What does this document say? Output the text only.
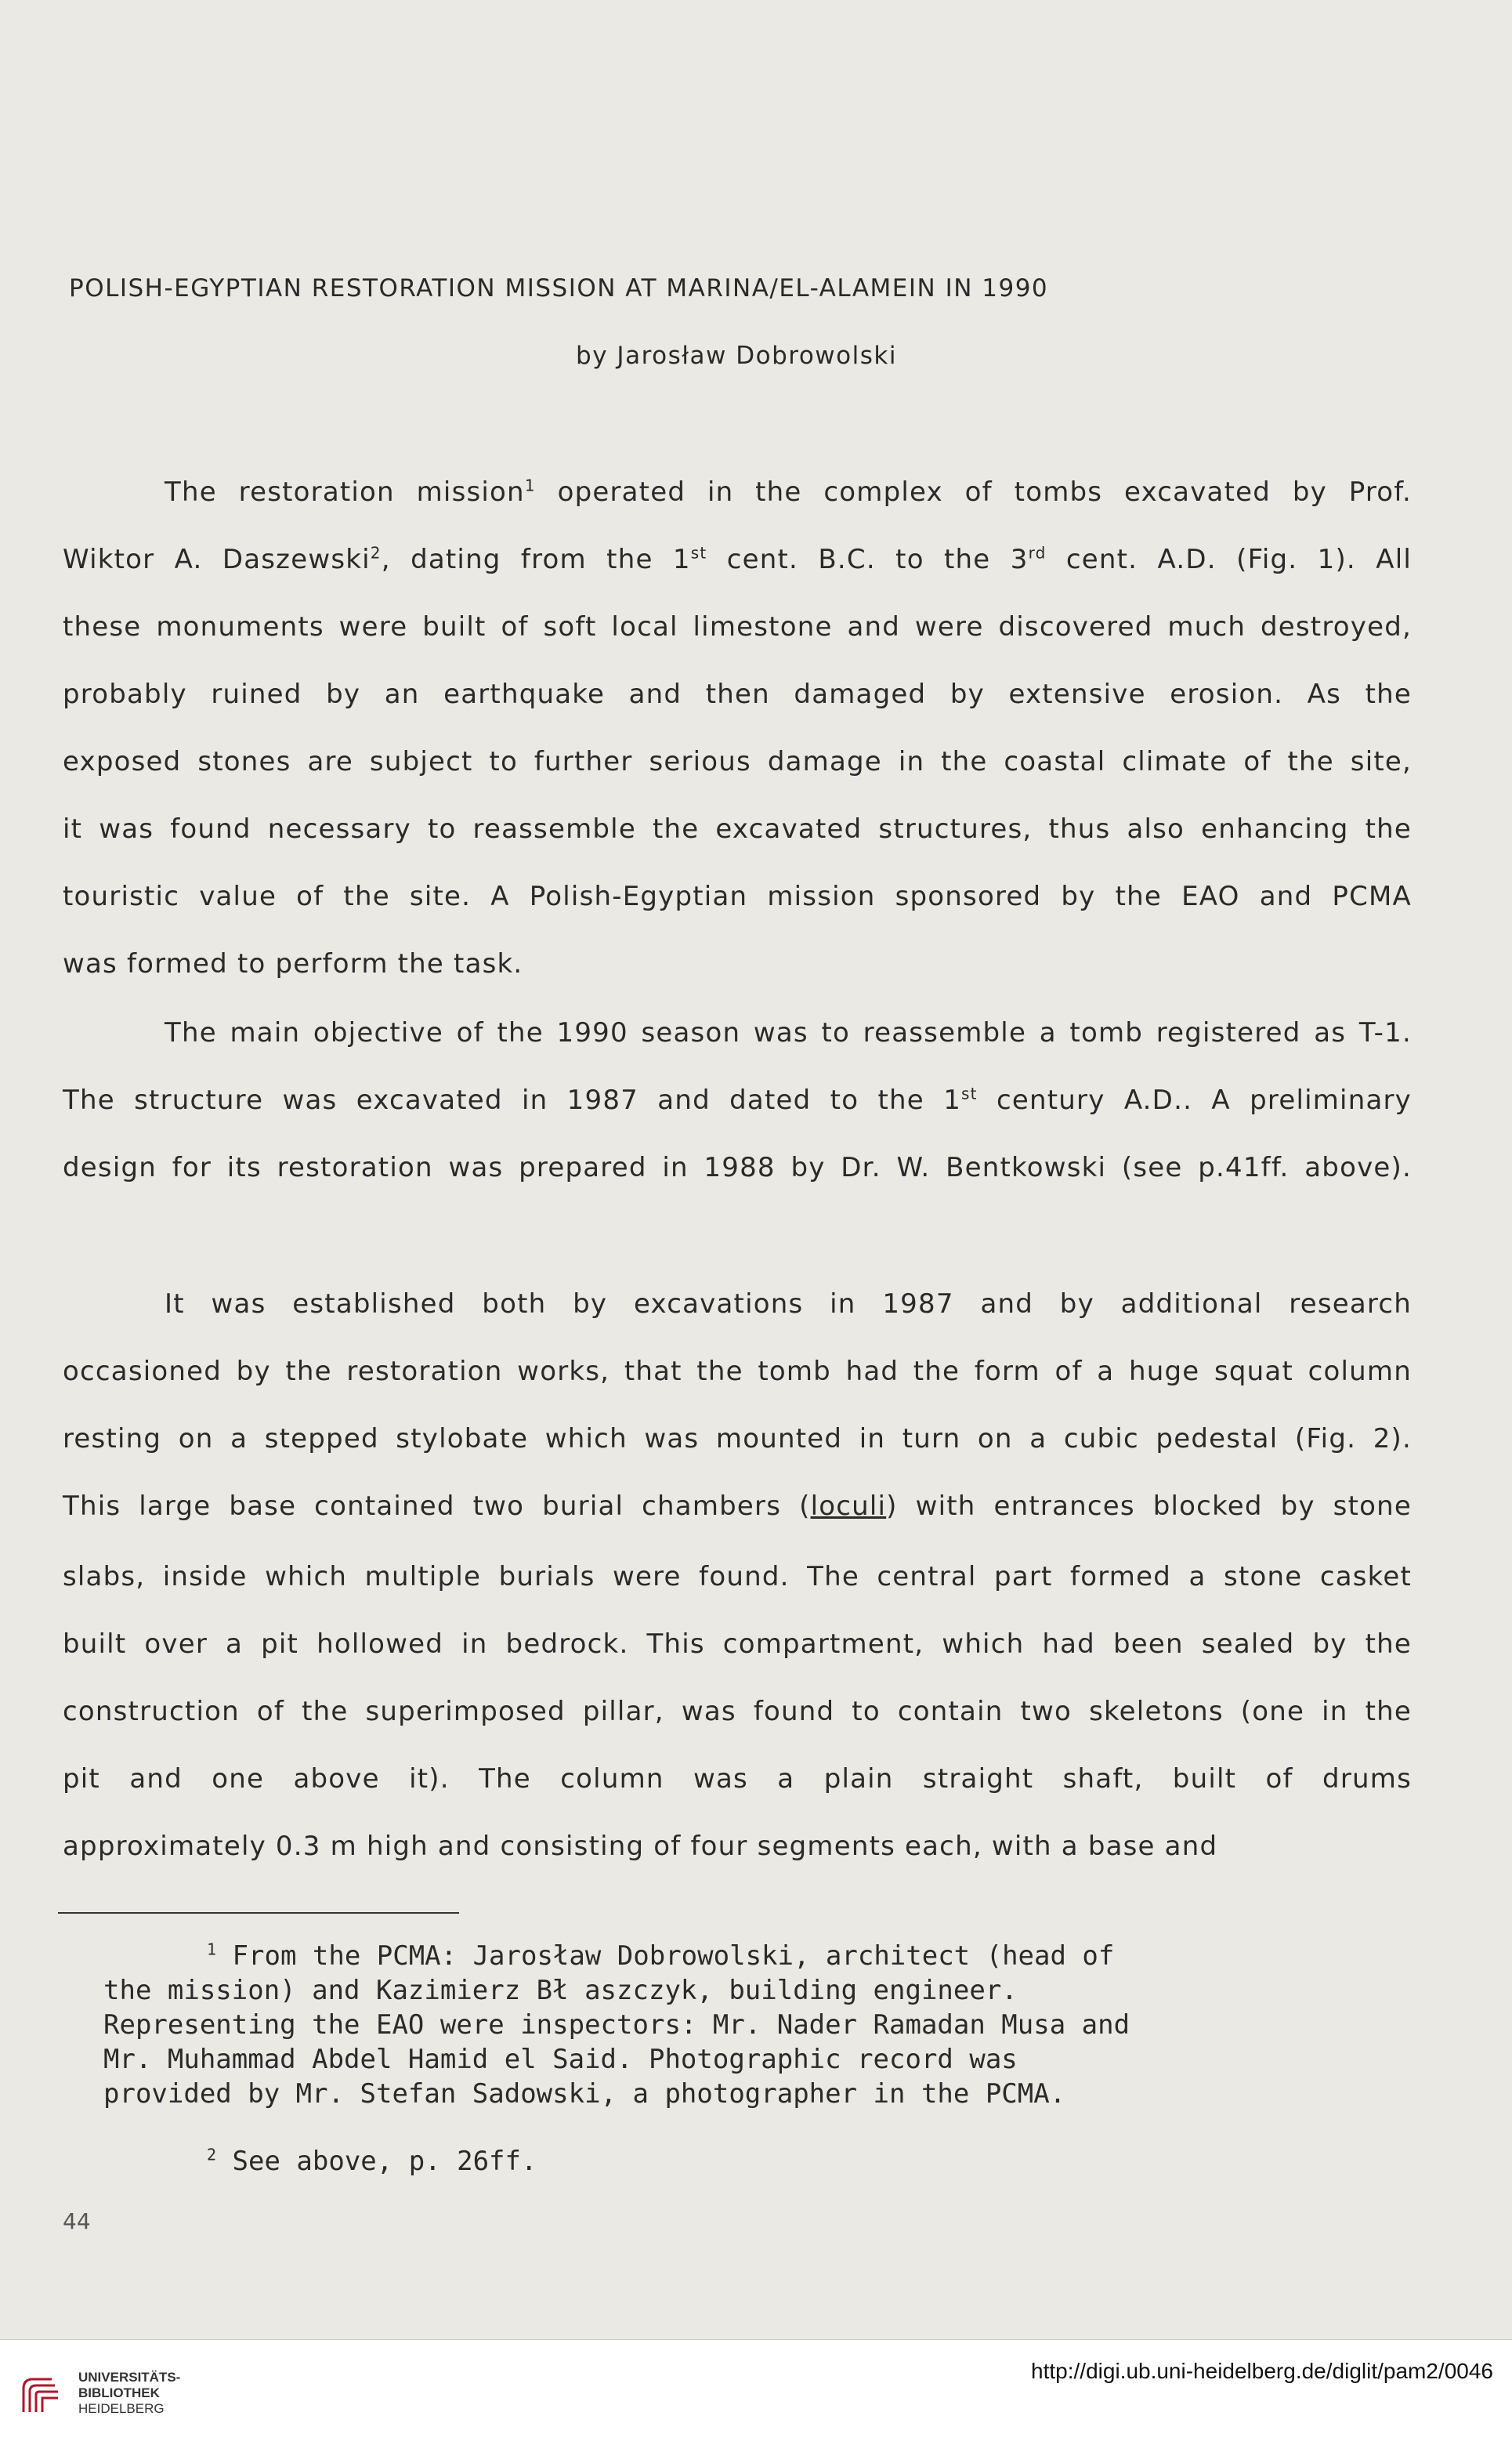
POLISH-EGYPTIAN RESTORATION MISSION AT MARINA/EL-ALAMEIN IN 1990
by Jarosław Dobrowolski
The restoration mission$^1$ operated in the complex of tombs excavated by Prof.
Wiktor A. Daszewski$^2$, dating from the 1st cent. B.C. to the 3rd cent. A.D. (Fig. 1). All
these monuments were built of soft local limestone and were discovered much destroyed,
probably ruined by an earthquake and then damaged by extensive erosion. As the
exposed stones are subject to further serious damage in the coastal climate of the site,
it was found necessary to reassemble the excavated structures, thus also enhancing the
touristic value of the site. A Polish-Egyptian mission sponsored by the EAO and PCMA
was formed to perform the task.
The main objective of the 1990 season was to reassemble a tomb registered as T-1.
The structure was excavated in 1987 and dated to the 1st century A.D.. A preliminary
design for its restoration was prepared in 1988 by Dr. W. Bentkowski (see p.41ff. above).
It was established both by excavations in 1987 and by additional research
occasioned by the restoration works, that the tomb had the form of a huge squat column
resting on a stepped stylobate which was mounted in turn on a cubic pedestal (Fig. 2).
This large base contained two burial chambers (loculi) with entrances blocked by stone
slabs, inside which multiple burials were found. The central part formed a stone casket
built over a pit hollowed in bedrock. This compartment, which had been sealed by the
construction of the superimposed pillar, was found to contain two skeletons (one in the
pit and one above it). The column was a plain straight shaft, built of drums
approximately 0.3 m high and consisting of four segments each, with a base and
$^1$ From the PCMA: Jarosław Dobrowolski, architect (head of
the mission) and Kazimierz Bł aszczyk, building engineer.
Representing the EAO were inspectors: Mr. Nader Ramadan Musa and
Mr. Muhammad Abdel Hamid el Said. Photographic record was
provided by Mr. Stefan Sadowski, a photographer in the PCMA.
$^2$ See above, p. 26ff.
44
UNIVERSITÄTS-
BIBLIOTHEK
HEIDELBERG
http://digi.ub.uni-heidelberg.de/diglit/pam2/0046
